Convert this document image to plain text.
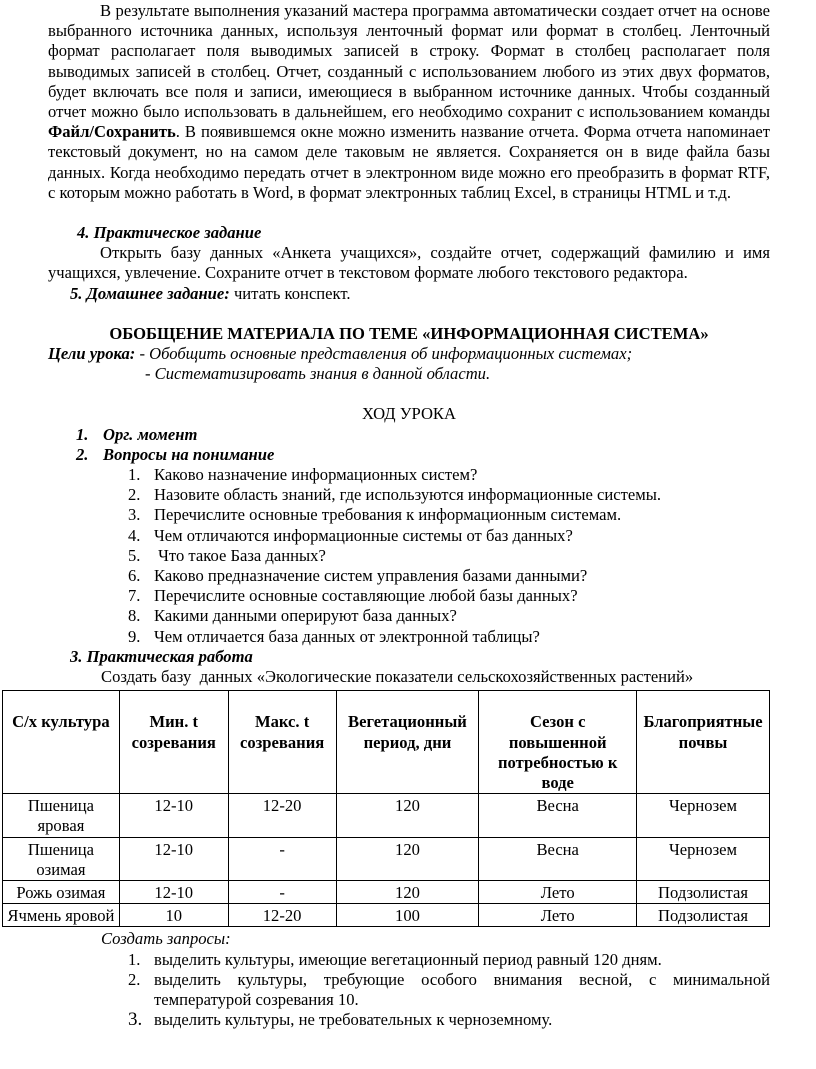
В результате выполнения указаний мастера программа автоматически создает отчет на основе выбранного источника данных, используя ленточный формат или формат в столбец. Ленточный формат располагает поля выводимых записей в строку. Формат в столбец располагает поля выводимых записей в столбец. Отчет, созданный с использованием любого из этих двух форматов, будет включать все поля и записи, имеющиеся в выбранном источнике данных. Чтобы созданный отчет можно было использовать в дальнейшем, его необходимо сохранит с использованием команды Файл/Сохранить. В появившемся окне можно изменить название отчета. Форма отчета напоминает текстовый документ, но на самом деле таковым не является. Сохраняется он в виде файла базы данных. Когда необходимо передать отчет в электронном виде можно его преобразить в формат RTF, с которым можно работать в Word, в формат электронных таблиц Excel, в страницы HTML и т.д.

4. Практическое задание

Открыть базу данных «Анкета учащихся», создайте отчет, содержащий фамилию и имя учащихся, увлечение. Сохраните отчет в текстовом формате любого текстового редактора.

5. Домашнее задание: читать конспект.

ОБОБЩЕНИЕ МАТЕРИАЛА ПО ТЕМЕ «ИНФОРМАЦИОННАЯ СИСТЕМА»

Цели урока: - Обобщить основные представления об информационных системах;

- Систематизировать знания в данной области.

ХОД УРОКА

1. Орг. момент
2. Вопросы на понимание
1. Каково назначение информационных систем?
2. Назовите область знаний, где используются информационные системы.
3. Перечислите основные требования к информационным системам.
4. Чем отличаются информационные системы от баз данных?
5. Что такое База данных?
6. Каково предназначение систем управления базами данными?
7. Перечислите основные составляющие любой базы данных?
8. Какими данными оперируют база данных?
9. Чем отличается база данных от электронной таблицы?

3. Практическая работа

Создать базу  данных «Экологические показатели сельскохозяйственных растений»

С/х культура	Мин. t созревания	Макс. t созревания	Вегетационный период, дни	Сезон с повышенной потребностью к воде	Благоприятные почвы
Пшеница яровая	12-10	12-20	120	Весна	Чернозем
Пшеница озимая	12-10	-	120	Весна	Чернозем
Рожь озимая	12-10	-	120	Лето	Подзолистая
Ячмень яровой	10	12-20	100	Лето	Подзолистая

Создать запросы:

1. выделить культуры, имеющие вегетационный период равный 120 дням.
2. выделить культуры, требующие особого внимания весной, с минимальной температурой созревания 10.
3. выделить культуры, не требовательных к черноземному.
